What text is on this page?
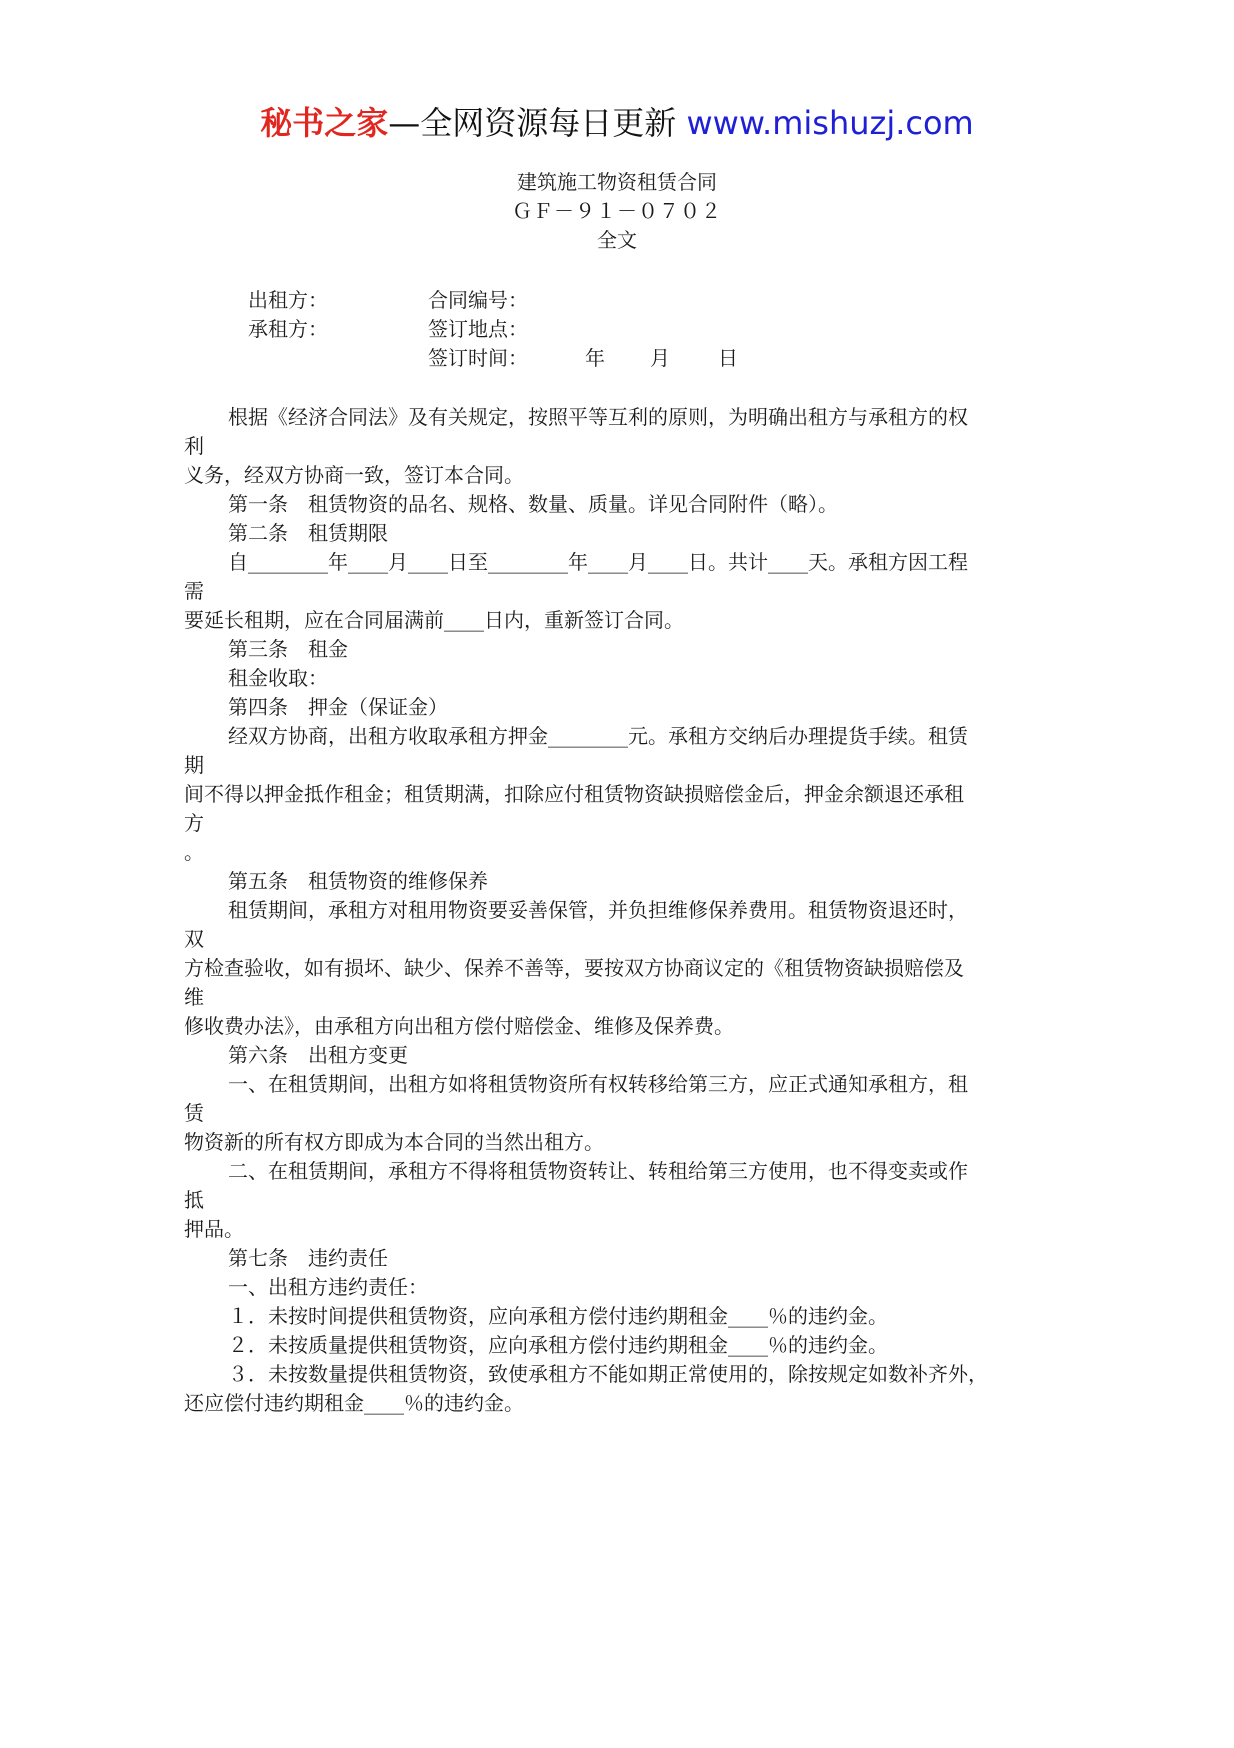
秘书之家—全网资源每日更新 www.mishuzj.com
建筑施工物资租赁合同
ＧＦ－９１－０７０２
全文
出租方：	合同编号：
承租方：	签订地点：
签订时间：	年 月 日
根据《经济合同法》及有关规定，按照平等互利的原则，为明确出租方与承租方的权
利
义务，经双方协商一致，签订本合同。
第一条　租赁物资的品名、规格、数量、质量。详见合同附件（略）。
第二条　租赁期限
自________年____月____日至________年____月____日。共计____天。承租方因工程
需
要延长租期，应在合同届满前____日内，重新签订合同。
第三条　租金
租金收取：
第四条　押金（保证金）
经双方协商，出租方收取承租方押金________元。承租方交纳后办理提货手续。租赁
期
间不得以押金抵作租金；租赁期满，扣除应付租赁物资缺损赔偿金后，押金余额退还承租
方
。
第五条　租赁物资的维修保养
租赁期间，承租方对租用物资要妥善保管，并负担维修保养费用。租赁物资退还时，
双
方检查验收，如有损坏、缺少、保养不善等，要按双方协商议定的《租赁物资缺损赔偿及
维
修收费办法》，由承租方向出租方偿付赔偿金、维修及保养费。
第六条　出租方变更
一、在租赁期间，出租方如将租赁物资所有权转移给第三方，应正式通知承租方，租
赁
物资新的所有权方即成为本合同的当然出租方。
二、在租赁期间，承租方不得将租赁物资转让、转租给第三方使用，也不得变卖或作
抵
押品。
第七条　违约责任
一、出租方违约责任：
１．未按时间提供租赁物资，应向承租方偿付违约期租金____％的违约金。
２．未按质量提供租赁物资，应向承租方偿付违约期租金____％的违约金。
３．未按数量提供租赁物资，致使承租方不能如期正常使用的，除按规定如数补齐外，
还应偿付违约期租金____％的违约金。
